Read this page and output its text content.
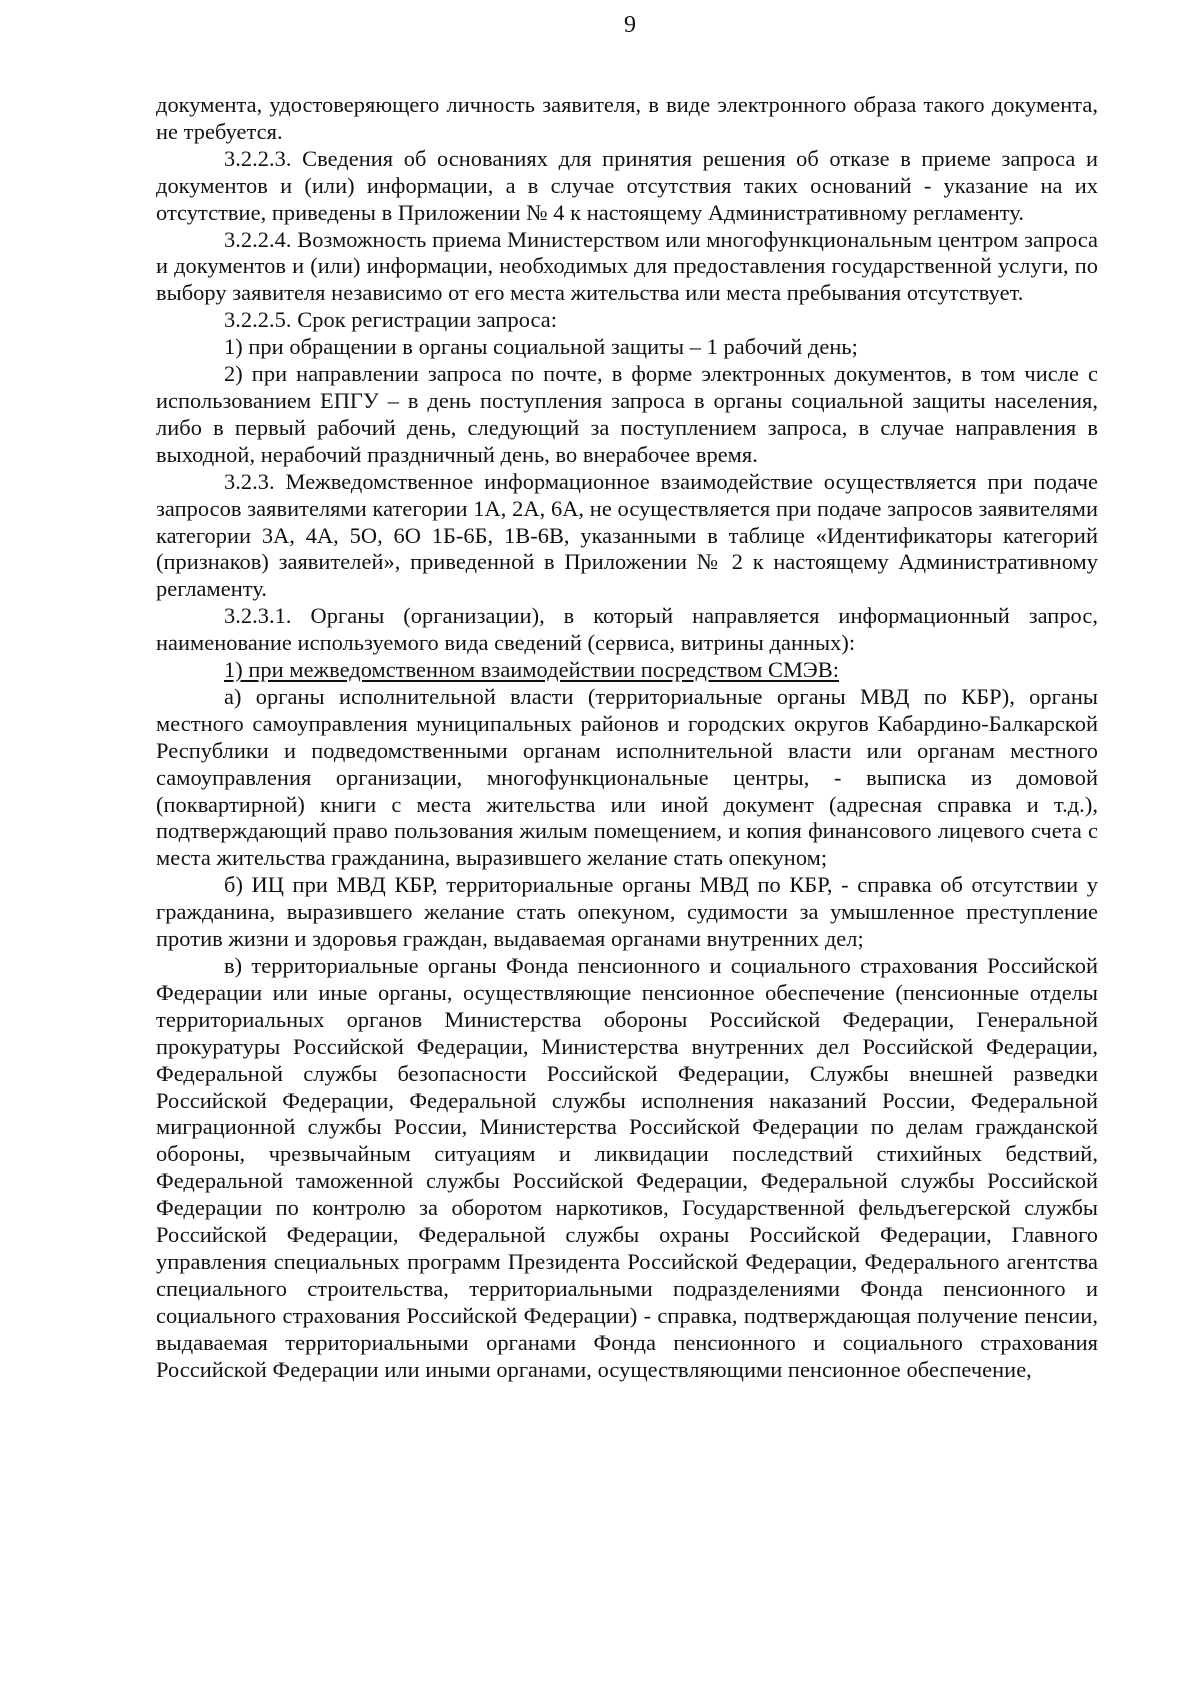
9

документа, удостоверяющего личность заявителя, в виде электронного образа такого документа, не требуется.

3.2.2.3. Сведения об основаниях для принятия решения об отказе в приеме запроса и документов и (или) информации, а в случае отсутствия таких оснований - указание на их отсутствие, приведены в Приложении № 4 к настоящему Административному регламенту.

3.2.2.4. Возможность приема Министерством или многофункциональным центром запроса и документов и (или) информации, необходимых для предоставления государственной услуги, по выбору заявителя независимо от его места жительства или места пребывания отсутствует.

3.2.2.5. Срок регистрации запроса:

1) при обращении в органы социальной защиты – 1 рабочий день;

2) при направлении запроса по почте, в форме электронных документов, в том числе с использованием ЕПГУ – в день поступления запроса в органы социальной защиты населения, либо в первый рабочий день, следующий за поступлением запроса, в случае направления в выходной, нерабочий праздничный день, во внерабочее время.

3.2.3. Межведомственное информационное взаимодействие осуществляется при подаче запросов заявителями категории 1А, 2А, 6А, не осуществляется при подаче запросов заявителями категории 3А, 4А, 5О, 6О 1Б-6Б, 1В-6В, указанными в таблице «Идентификаторы категорий (признаков) заявителей», приведенной в Приложении № 2 к настоящему Административному регламенту.

3.2.3.1. Органы (организации), в который направляется информационный запрос, наименование используемого вида сведений (сервиса, витрины данных):

1) при межведомственном взаимодействии посредством СМЭВ:

а) органы исполнительной власти (территориальные органы МВД по КБР), органы местного самоуправления муниципальных районов и городских округов Кабардино-Балкарской Республики и подведомственными органам исполнительной власти или органам местного самоуправления организации, многофункциональные центры, - выписка из домовой (поквартирной) книги с места жительства или иной документ (адресная справка и т.д.), подтверждающий право пользования жилым помещением, и копия финансового лицевого счета с места жительства гражданина, выразившего желание стать опекуном;

б) ИЦ при МВД КБР, территориальные органы МВД по КБР, - справка об отсутствии у гражданина, выразившего желание стать опекуном, судимости за умышленное преступление против жизни и здоровья граждан, выдаваемая органами внутренних дел;

в) территориальные органы Фонда пенсионного и социального страхования Российской Федерации или иные органы, осуществляющие пенсионное обеспечение (пенсионные отделы территориальных органов Министерства обороны Российской Федерации, Генеральной прокуратуры Российской Федерации, Министерства внутренних дел Российской Федерации, Федеральной службы безопасности Российской Федерации, Службы внешней разведки Российской Федерации, Федеральной службы исполнения наказаний России, Федеральной миграционной службы России, Министерства Российской Федерации по делам гражданской обороны, чрезвычайным ситуациям и ликвидации последствий стихийных бедствий, Федеральной таможенной службы Российской Федерации, Федеральной службы Российской Федерации по контролю за оборотом наркотиков, Государственной фельдъегерской службы Российской Федерации, Федеральной службы охраны Российской Федерации, Главного управления специальных программ Президента Российской Федерации, Федерального агентства специального строительства, территориальными подразделениями Фонда пенсионного и социального страхования Российской Федерации) - справка, подтверждающая получение пенсии, выдаваемая территориальными органами Фонда пенсионного и социального страхования Российской Федерации или иными органами, осуществляющими пенсионное обеспечение,
